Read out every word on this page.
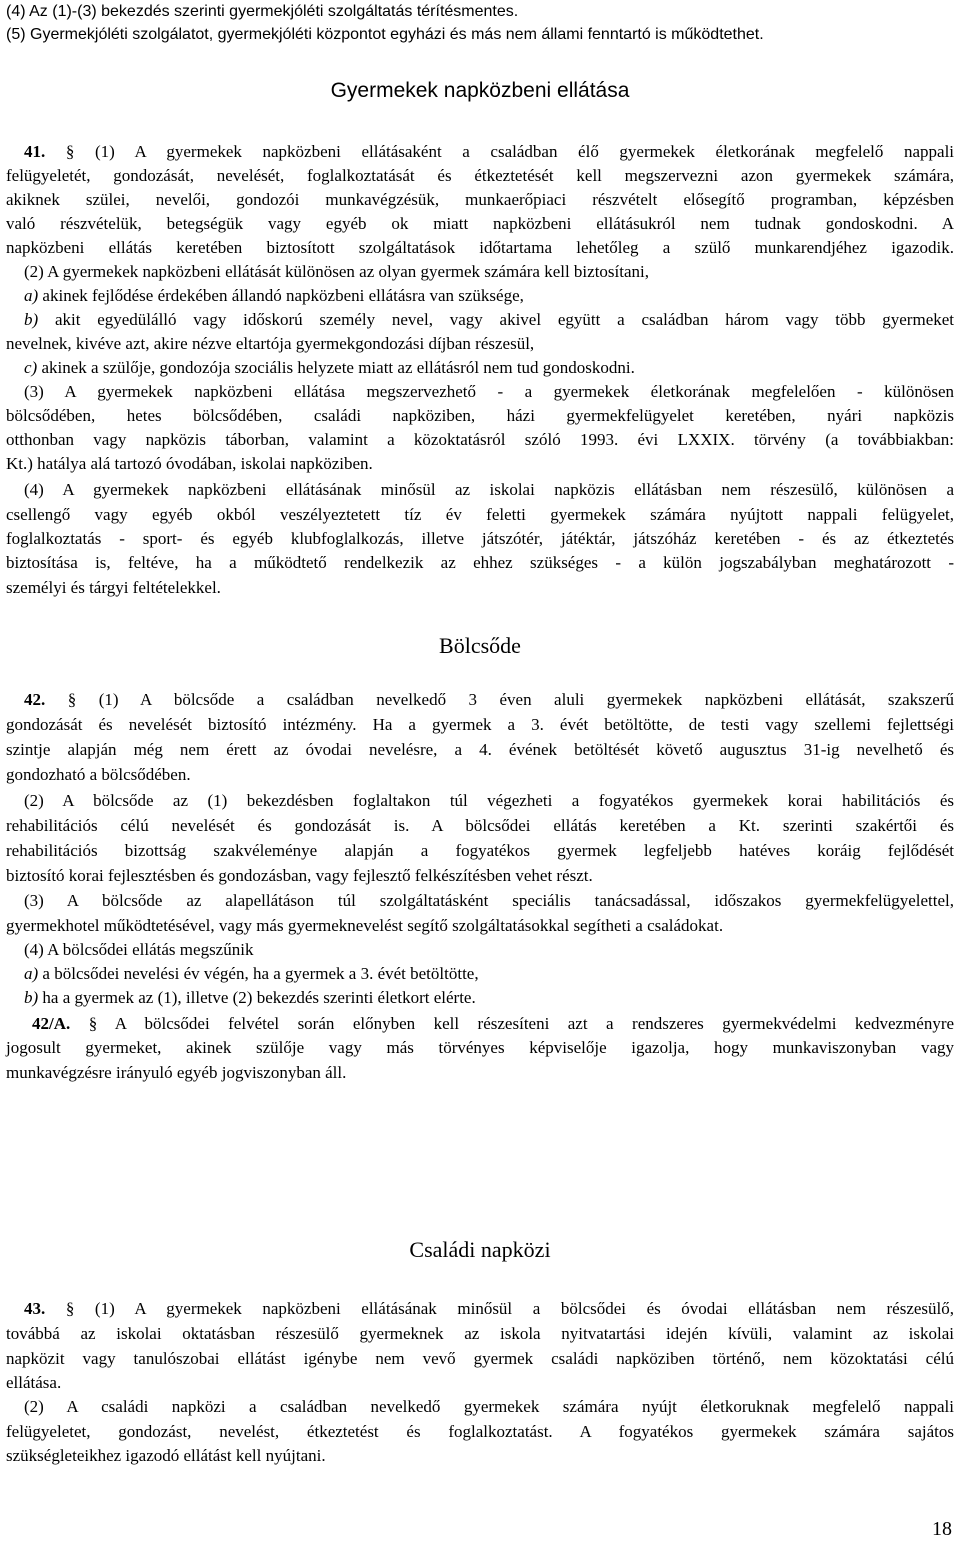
(4) Az (1)-(3) bekezdés szerinti gyermekjóléti szolgáltatás térítésmentes.
(5) Gyermekjóléti szolgálatot, gyermekjóléti központot egyházi és más nem állami fenntartó is működtethet.
Gyermekek napközbeni ellátása
41. § (1) A gyermekek napközbeni ellátásaként a családban élő gyermekek életkorának megfelelő nappali
felügyeletét, gondozását, nevelését, foglalkoztatását és étkeztetését kell megszervezni azon gyermekek számára,
akiknek szülei, nevelői, gondozói munkavégzésük, munkaerőpiaci részvételt elősegítő programban, képzésben
való részvételük, betegségük vagy egyéb ok miatt napközbeni ellátásukról nem tudnak gondoskodni. A
napközbeni ellátás keretében biztosított szolgáltatások időtartama lehetőleg a szülő munkarendjéhez igazodik.
(2) A gyermekek napközbeni ellátását különösen az olyan gyermek számára kell biztosítani,
a) akinek fejlődése érdekében állandó napközbeni ellátásra van szüksége,
b) akit egyedülálló vagy időskorú személy nevel, vagy akivel együtt a családban három vagy több gyermeket
nevelnek, kivéve azt, akire nézve eltartója gyermekgondozási díjban részesül,
c) akinek a szülője, gondozója szociális helyzete miatt az ellátásról nem tud gondoskodni.
(3) A gyermekek napközbeni ellátása megszervezhető - a gyermekek életkorának megfelelően - különösen
bölcsődében, hetes bölcsődében, családi napköziben, házi gyermekfelügyelet keretében, nyári napközis
otthonban vagy napközis táborban, valamint a közoktatásról szóló 1993. évi LXXIX. törvény (a továbbiakban:
Kt.) hatálya alá tartozó óvodában, iskolai napköziben.
(4) A gyermekek napközbeni ellátásának minősül az iskolai napközis ellátásban nem részesülő, különösen a
csellengő vagy egyéb okból veszélyeztetett tíz év feletti gyermekek számára nyújtott nappali felügyelet,
foglalkoztatás - sport- és egyéb klubfoglalkozás, illetve játszótér, játéktár, játszóház keretében - és az étkeztetés
biztosítása is, feltéve, ha a működtető rendelkezik az ehhez szükséges - a külön jogszabályban meghatározott -
személyi és tárgyi feltételekkel.
Bölcsőde
42. § (1) A bölcsőde a családban nevelkedő 3 éven aluli gyermekek napközbeni ellátását, szakszerű
gondozását és nevelését biztosító intézmény. Ha a gyermek a 3. évét betöltötte, de testi vagy szellemi fejlettségi
szintje alapján még nem érett az óvodai nevelésre, a 4. évének betöltését követő augusztus 31-ig nevelhető és
gondozható a bölcsődében.
(2) A bölcsőde az (1) bekezdésben foglaltakon túl végezheti a fogyatékos gyermekek korai habilitációs és
rehabilitációs célú nevelését és gondozását is. A bölcsődei ellátás keretében a Kt. szerinti szakértői és
rehabilitációs bizottság szakvéleménye alapján a fogyatékos gyermek legfeljebb hatéves koráig fejlődését
biztosító korai fejlesztésben és gondozásban, vagy fejlesztő felkészítésben vehet részt.
(3) A bölcsőde az alapellátáson túl szolgáltatásként speciális tanácsadással, időszakos gyermekfelügyelettel,
gyermekhotel működtetésével, vagy más gyermeknevelést segítő szolgáltatásokkal segítheti a családokat.
(4) A bölcsődei ellátás megszűnik
a) a bölcsődei nevelési év végén, ha a gyermek a 3. évét betöltötte,
b) ha a gyermek az (1), illetve (2) bekezdés szerinti életkort elérte.
42/A. § A bölcsődei felvétel során előnyben kell részesíteni azt a rendszeres gyermekvédelmi kedvezményre
jogosult gyermeket, akinek szülője vagy más törvényes képviselője igazolja, hogy munkaviszonyban vagy
munkavégzésre irányuló egyéb jogviszonyban áll.
Családi napközi
43. § (1) A gyermekek napközbeni ellátásának minősül a bölcsődei és óvodai ellátásban nem részesülő,
továbbá az iskolai oktatásban részesülő gyermeknek az iskola nyitvatartási idején kívüli, valamint az iskolai
napközit vagy tanulószobai ellátást igénybe nem vevő gyermek családi napköziben történő, nem közoktatási célú
ellátása.
(2) A családi napközi a családban nevelkedő gyermekek számára nyújt életkoruknak megfelelő nappali
felügyeletet, gondozást, nevelést, étkeztetést és foglalkoztatást. A fogyatékos gyermekek számára sajátos
szükségleteikhez igazodó ellátást kell nyújtani.
18
